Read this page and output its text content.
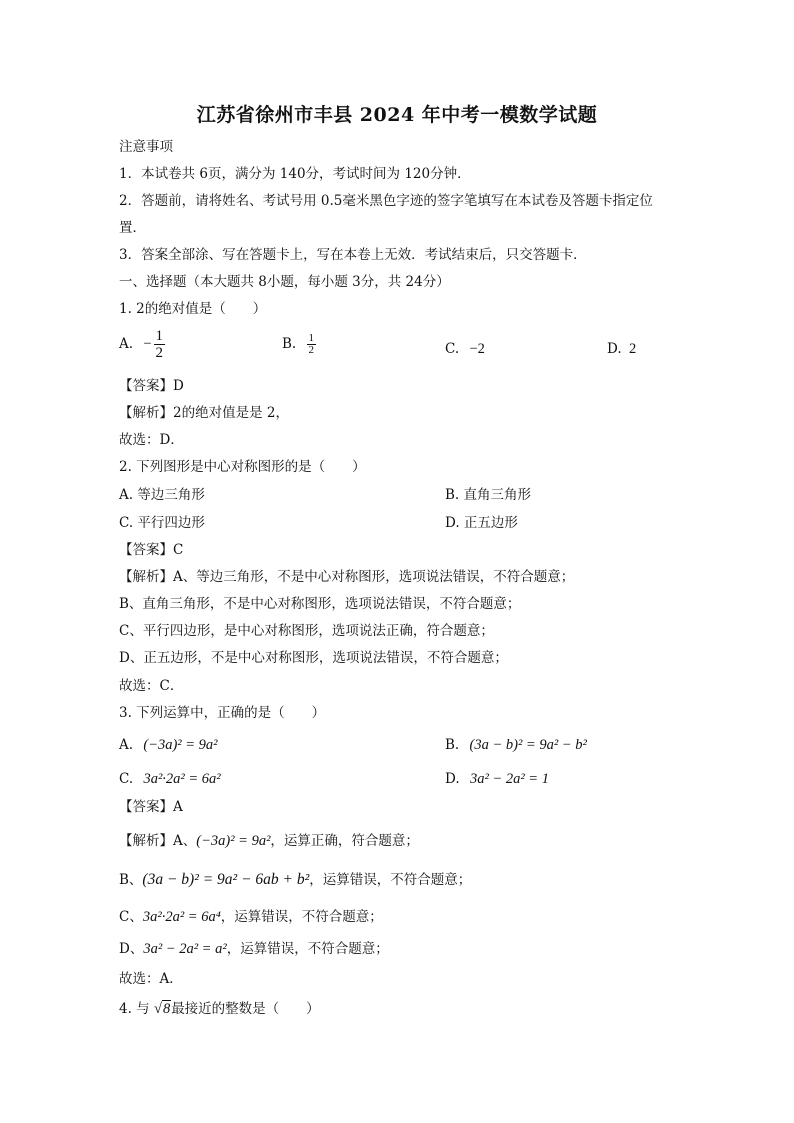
江苏省徐州市丰县 2024 年中考一模数学试题
注意事项
1．本试卷共 6页，满分为 140分，考试时间为 120分钟．
2．答题前，请将姓名、考试号用 0.5毫米黑色字迹的签字笔填写在本试卷及答题卡指定位
置．
3．答案全部涂、写在答题卡上，写在本卷上无效．考试结束后，只交答题卡．
一、选择题（本大题共 8小题，每小题 3分，共 24分）
1. 2的绝对值是（　　）
A. − $\frac{1}{2}$	B. $\frac{1}{2}$	C. −2	D. 2
【答案】D
【解析】2的绝对值是是 2，
故选：D．
2. 下列图形是中心对称图形的是（　　）
A. 等边三角形	B. 直角三角形
C. 平行四边形	D. 正五边形
【答案】C
【解析】A、等边三角形，不是中心对称图形，选项说法错误，不符合题意；
B、直角三角形，不是中心对称图形，选项说法错误，不符合题意；
C、平行四边形，是中心对称图形，选项说法正确，符合题意；
D、正五边形，不是中心对称图形，选项说法错误，不符合题意；
故选：C．
3. 下列运算中，正确的是（　　）
A. (−3a)² = 9a²	B. (3a − b)² = 9a² − b²
C. 3a²·2a² = 6a²	D. 3a² − 2a² = 1
【答案】A
【解析】A、(−3a)² = 9a²，运算正确，符合题意；
B、(3a − b)² = 9a² − 6ab + b²，运算错误，不符合题意；
C、3a²·2a² = 6a⁴，运算错误，不符合题意；
D、3a² − 2a² = a²，运算错误，不符合题意；
故选：A．
4. 与 √8最接近的整数是（　　）
